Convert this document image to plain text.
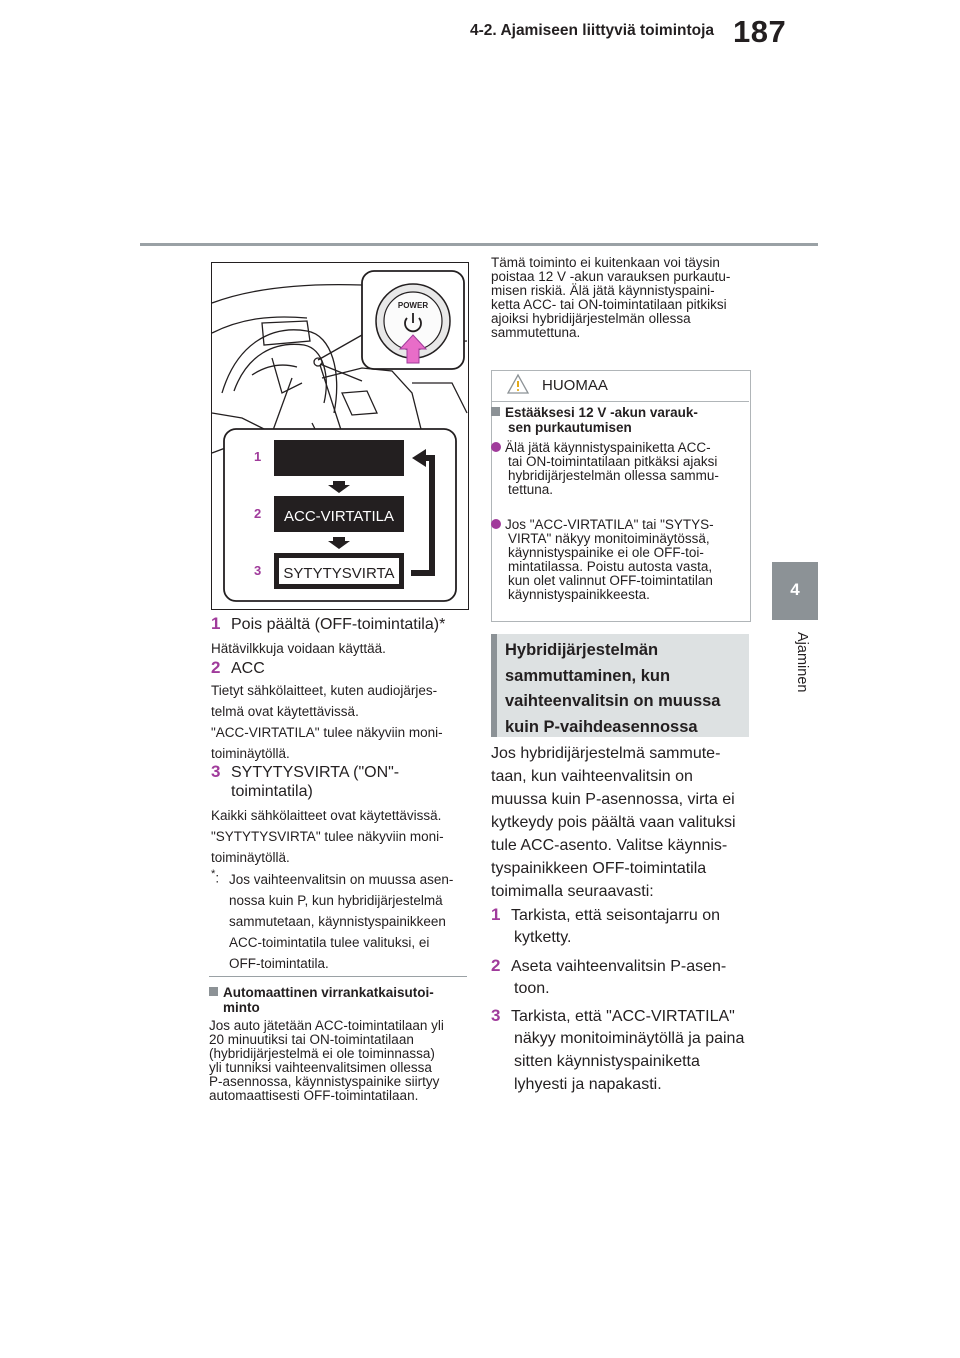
187
4-2. Ajamiseen liittyviä toimintoja
4
Ajaminen
POWER
ACC-VIRTATILA
SYTYTYSVIRTA
1
2
3
1 Pois päältä (OFF-toimintatila)*
Hätävilkkuja voidaan käyttää.
2 ACC
Tietyt sähkölaitteet, kuten audiojärjes-
telmä ovat käytettävissä.
"ACC-VIRTATILA" tulee näkyviin moni-
toiminäytöllä.
3 SYTYTYSVIRTA ("ON"-
toimintatila)
Kaikki sähkölaitteet ovat käytettävissä.
"SYTYTYSVIRTA" tulee näkyviin moni-
toiminäytöllä.
*: Jos vaihteenvalitsin on muussa asen-
nossa kuin P, kun hybridijärjestelmä
sammutetaan, käynnistyspainikkeen
ACC-toimintatila tulee valituksi, ei
OFF-toimintatila.
Automaattinen virrankatkaisutoi-
minto
Jos auto jätetään ACC-toimintatilaan yli
20 minuutiksi tai ON-toimintatilaan
(hybridijärjestelmä ei ole toiminnassa)
yli tunniksi vaihteenvalitsimen ollessa
P-asennossa, käynnistyspainike siirtyy
automaattisesti OFF-toimintatilaan.
Tämä toiminto ei kuitenkaan voi täysin
poistaa 12 V -akun varauksen purkautu-
misen riskiä. Älä jätä käynnistyspaini-
ketta ACC- tai ON-toimintatilaan pitkiksi
ajoiksi hybridijärjestelmän ollessa
sammutettuna.
HUOMAA
Estääksesi 12 V -akun varauk-
sen purkautumisen
Älä jätä käynnistyspainiketta ACC-
tai ON-toimintatilaan pitkäksi ajaksi
hybridijärjestelmän ollessa sammu-
tettuna.
Jos "ACC-VIRTATILA" tai "SYTYS-
VIRTA" näkyy monitoiminäytössä,
käynnistyspainike ei ole OFF-toi-
mintatilassa. Poistu autosta vasta,
kun olet valinnut OFF-toimintatilan
käynnistyspainikkeesta.
Hybridijärjestelmän
sammuttaminen, kun
vaihteenvalitsin on muussa
kuin P-vaihdeasennossa
Jos hybridijärjestelmä sammute-
taan, kun vaihteenvalitsin on
muussa kuin P-asennossa, virta ei
kytkeydy pois päältä vaan valituksi
tule ACC-asento. Valitse käynnis-
tyspainikkeen OFF-toimintatila
toimimalla seuraavasti:
1 Tarkista, että seisontajarru on
kytketty.
2 Aseta vaihteenvalitsin P-asen-
toon.
3 Tarkista, että "ACC-VIRTATILA"
näkyy monitoiminäytöllä ja paina
sitten käynnistyspainiketta
lyhyesti ja napakasti.
